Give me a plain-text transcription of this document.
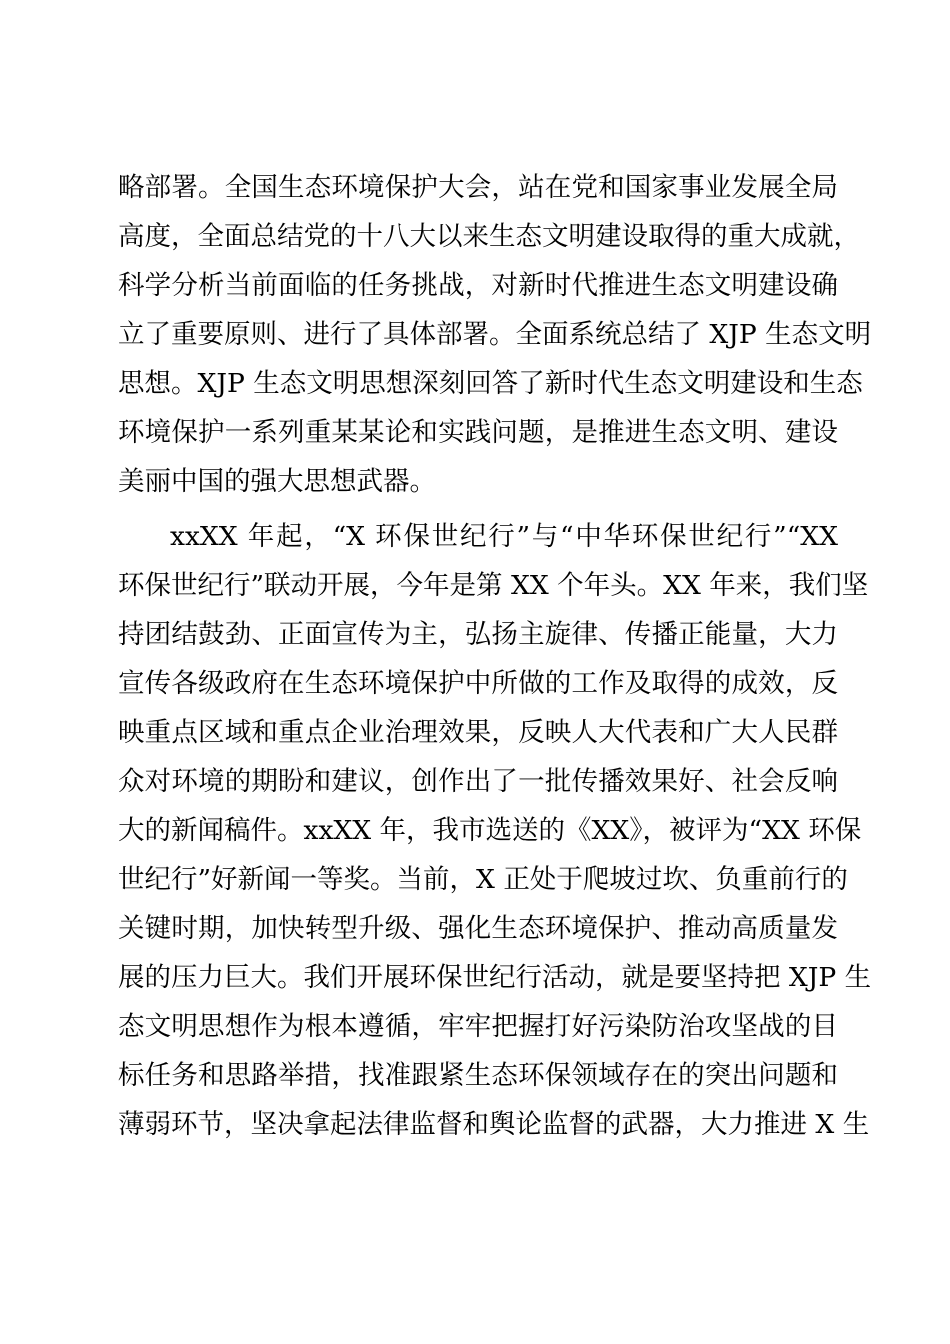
略部署。全国生态环境保护大会，站在党和国家事业发展全局
高度，全面总结党的十八大以来生态文明建设取得的重大成就，
科学分析当前面临的任务挑战，对新时代推进生态文明建设确
立了重要原则、进行了具体部署。全面系统总结了 XJP 生态文明
思想。XJP 生态文明思想深刻回答了新时代生态文明建设和生态
环境保护一系列重某某论和实践问题，是推进生态文明、建设
美丽中国的强大思想武器。
xxXX 年起，“X 环保世纪行”与“中华环保世纪行”“XX
环保世纪行”联动开展，今年是第 XX 个年头。XX 年来，我们坚
持团结鼓劲、正面宣传为主，弘扬主旋律、传播正能量，大力
宣传各级政府在生态环境保护中所做的工作及取得的成效，反
映重点区域和重点企业治理效果，反映人大代表和广大人民群
众对环境的期盼和建议，创作出了一批传播效果好、社会反响
大的新闻稿件。xxXX 年，我市选送的《XX》，被评为“XX 环保
世纪行”好新闻一等奖。当前，X 正处于爬坡过坎、负重前行的
关键时期，加快转型升级、强化生态环境保护、推动高质量发
展的压力巨大。我们开展环保世纪行活动，就是要坚持把 XJP 生
态文明思想作为根本遵循，牢牢把握打好污染防治攻坚战的目
标任务和思路举措，找准跟紧生态环保领域存在的突出问题和
薄弱环节，坚决拿起法律监督和舆论监督的武器，大力推进 X 生
